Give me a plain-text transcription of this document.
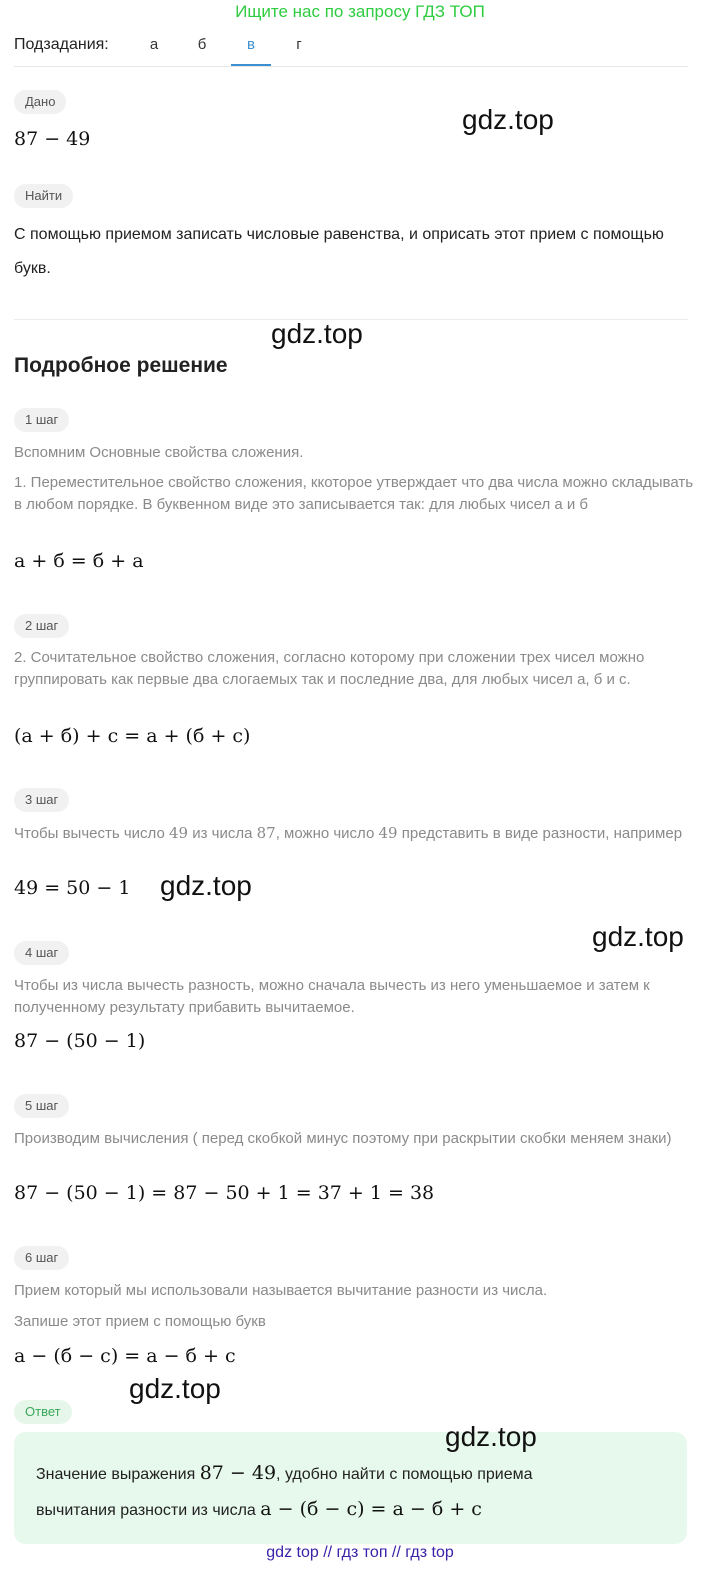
Ищите нас по запросу ГДЗ ТОП
Подзадания:	а	б	в	г
Дано
87 − 49
Найти
С помощью приемом записать числовые равенства, и оприсать этот прием с помощью букв.
Подробное решение
1 шаг
Вспомним Основные свойства сложения.
1. Переместительное свойство сложения, ккоторое утверждает что два числа можно складывать в любом порядке. В буквенном виде это записывается так: для любых чисел а и б
a + б = б + a
2 шаг
2. Сочитательное свойство сложения, согласно которому при сложении трех чисел можно группировать как первые два слогаемых так и последние два, для любых чисел а, б и с.
(a + б) + c = a + (б + c)
3 шаг
Чтобы вычесть число 49 из числа 87, можно число 49 представить в виде разности, например
49 = 50 − 1
4 шаг
Чтобы из числа вычесть разность, можно сначала вычесть из него уменьшаемое и затем к полученному результату прибавить вычитаемое.
87 − (50 − 1)
5 шаг
Производим вычисления ( перед скобкой минус поэтому при раскрытии скобки меняем знаки)
87 − (50 − 1) = 87 − 50 + 1 = 37 + 1 = 38
6 шаг
Прием который мы использовали называется вычитание разности из числа.
Запише этот прием с помощью букв
a − (б − c) = a − б + c
Ответ
Значение выражения 87 − 49, удобно найти с помощью приема
вычитания разности из числа a − (б − c) = a − б + c
gdz.top
gdz.top
gdz.top
gdz.top
gdz.top
gdz.top
gdz top // гдз топ // гдз top
